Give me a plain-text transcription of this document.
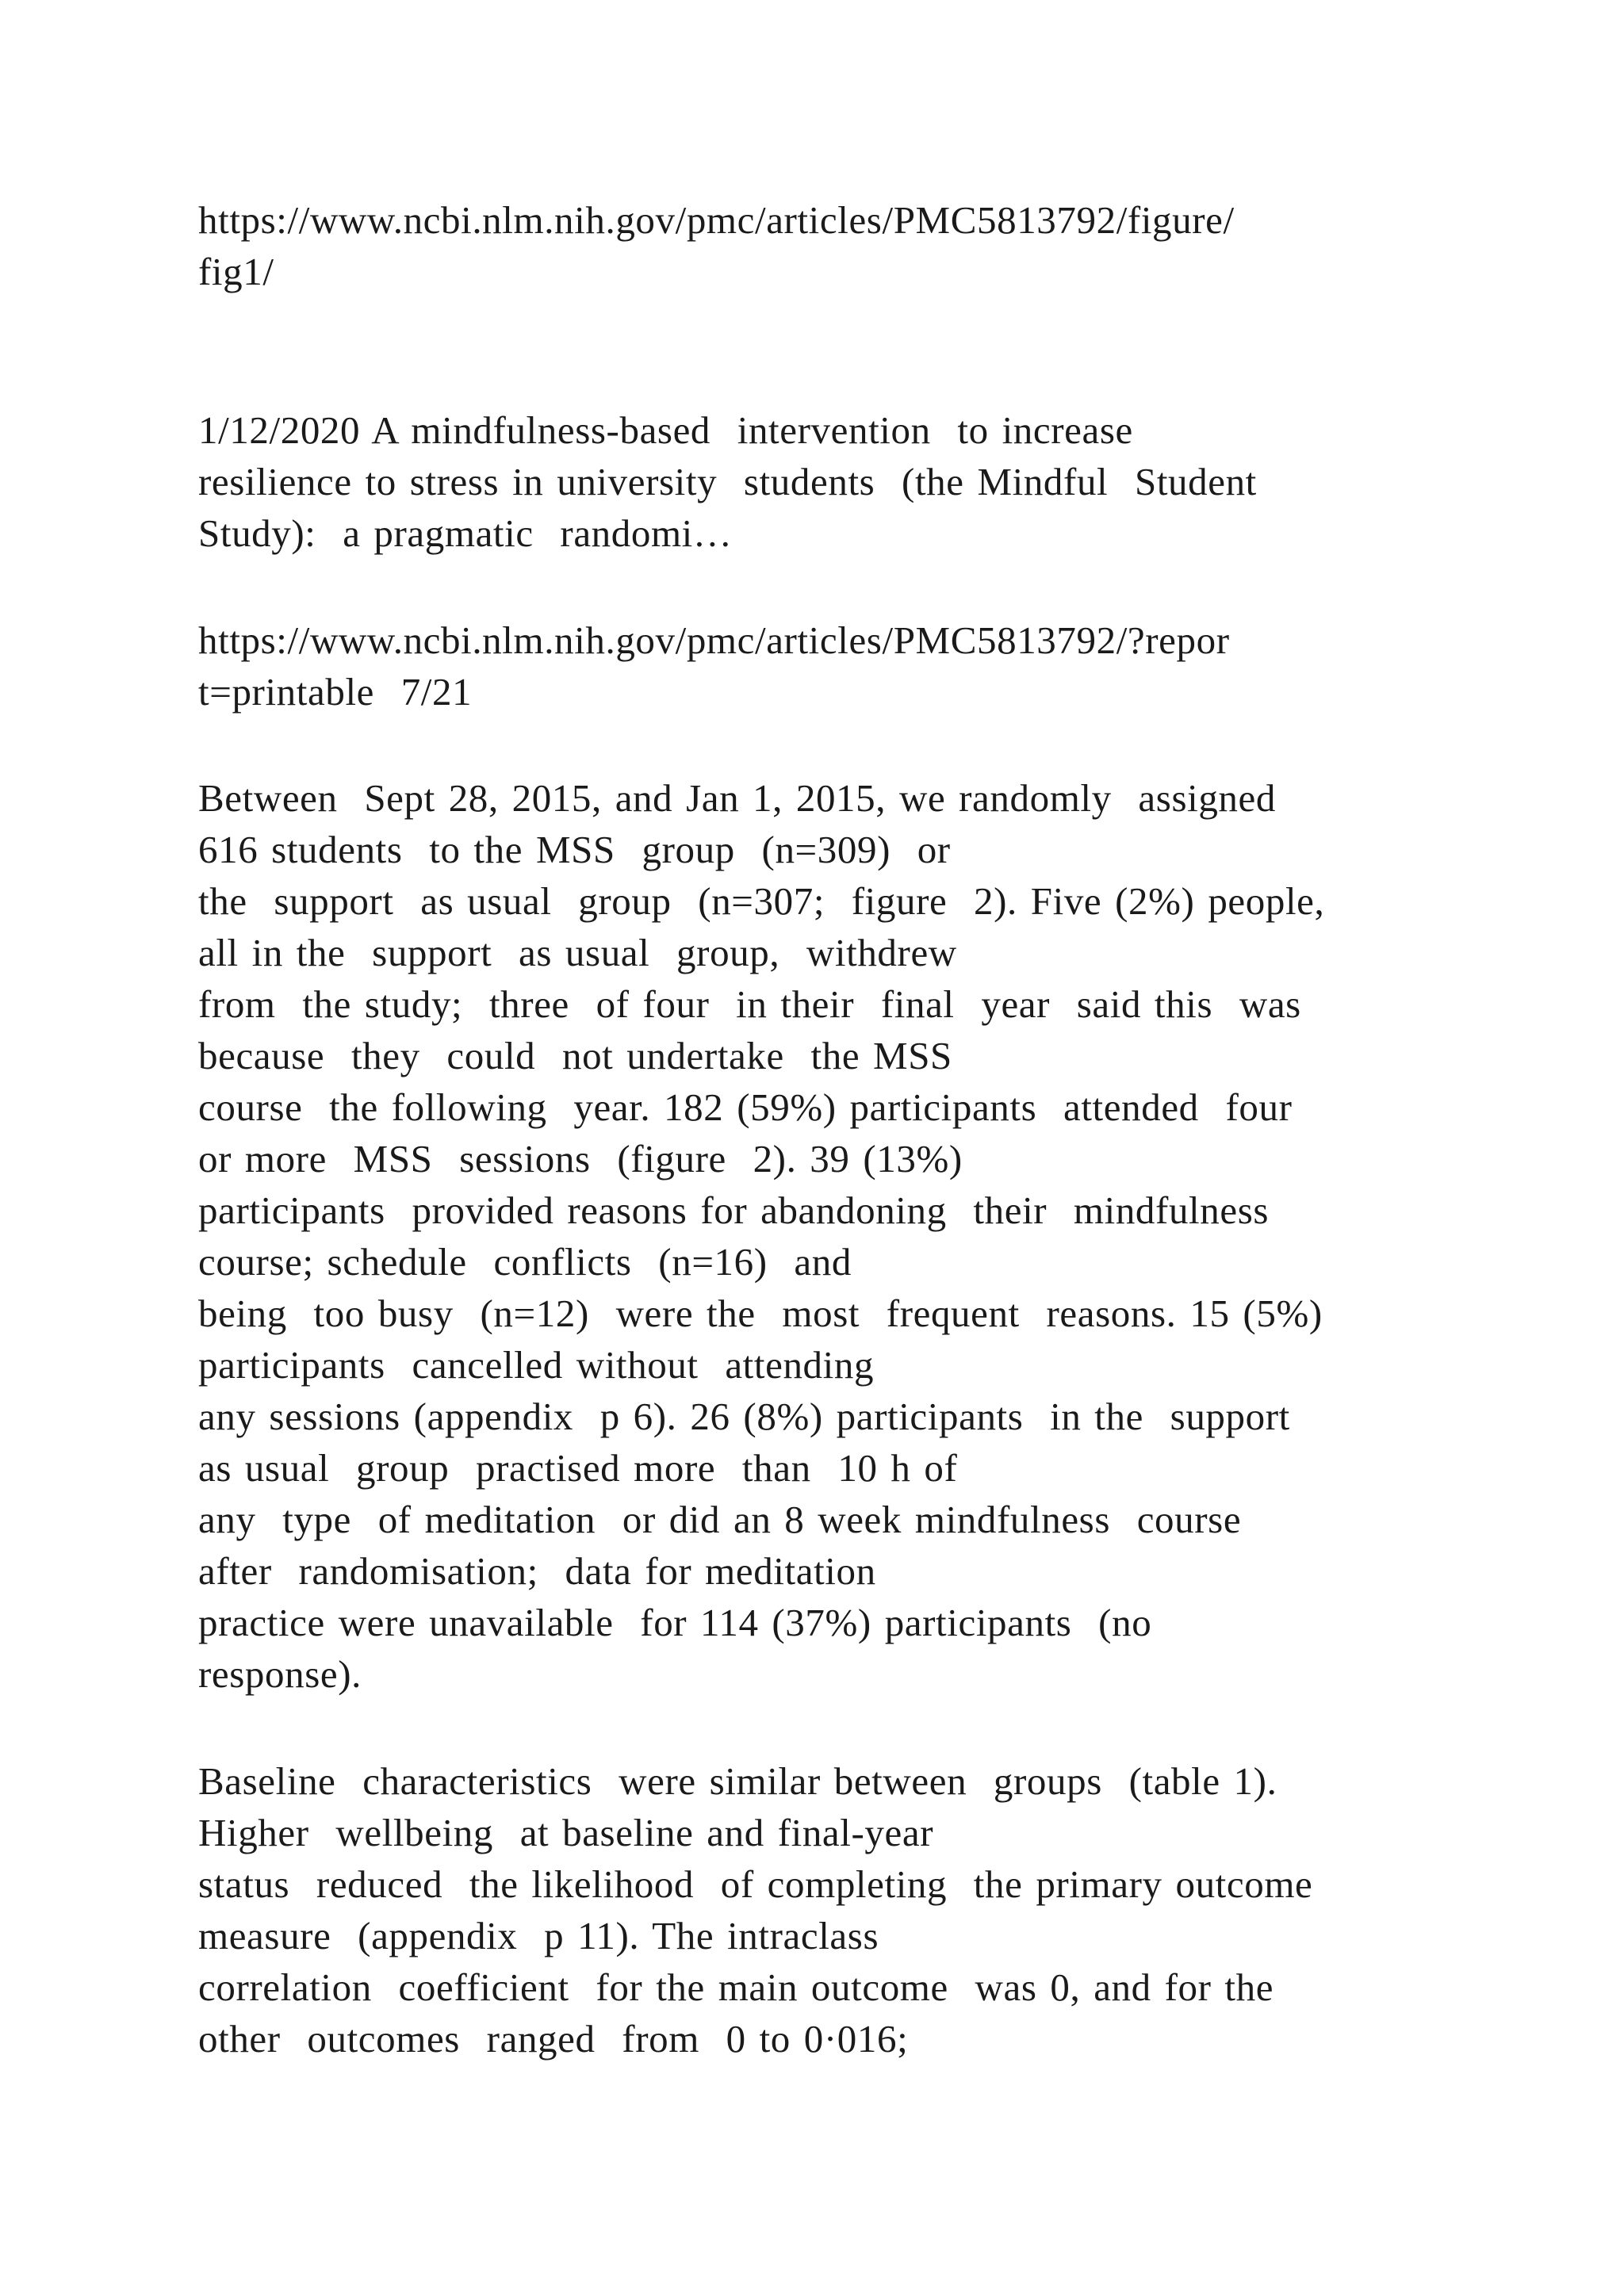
https://www.ncbi.nlm.nih.gov/pmc/articles/PMC5813792/figure/

fig1/

1/12/2020 A mindfulness-based  intervention  to increase

resilience to stress in university  students  (the Mindful  Student

Study):  a pragmatic  randomi…

https://www.ncbi.nlm.nih.gov/pmc/articles/PMC5813792/?repor

t=printable  7/21

Between  Sept 28, 2015, and Jan 1, 2015, we randomly  assigned

616 students  to the MSS  group  (n=309)  or

the  support  as usual  group  (n=307;  figure  2). Five (2%) people,

all in the  support  as usual  group,  withdrew

from  the study;  three  of four  in their  final  year  said this  was

because  they  could  not undertake  the MSS

course  the following  year. 182 (59%) participants  attended  four

or more  MSS  sessions  (figure  2). 39 (13%)

participants  provided reasons for abandoning  their  mindfulness

course; schedule  conflicts  (n=16)  and

being  too busy  (n=12)  were the  most  frequent  reasons. 15 (5%)

participants  cancelled without  attending

any sessions (appendix  p 6). 26 (8%) participants  in the  support

as usual  group  practised more  than  10 h of

any  type  of meditation  or did an 8 week mindfulness  course

after  randomisation;  data for meditation

practice were unavailable  for 114 (37%) participants  (no

response).

Baseline  characteristics  were similar between  groups  (table 1).

Higher  wellbeing  at baseline and final-year

status  reduced  the likelihood  of completing  the primary outcome

measure  (appendix  p 11). The intraclass

correlation  coefficient  for the main outcome  was 0, and for the

other  outcomes  ranged  from  0 to 0·016;
